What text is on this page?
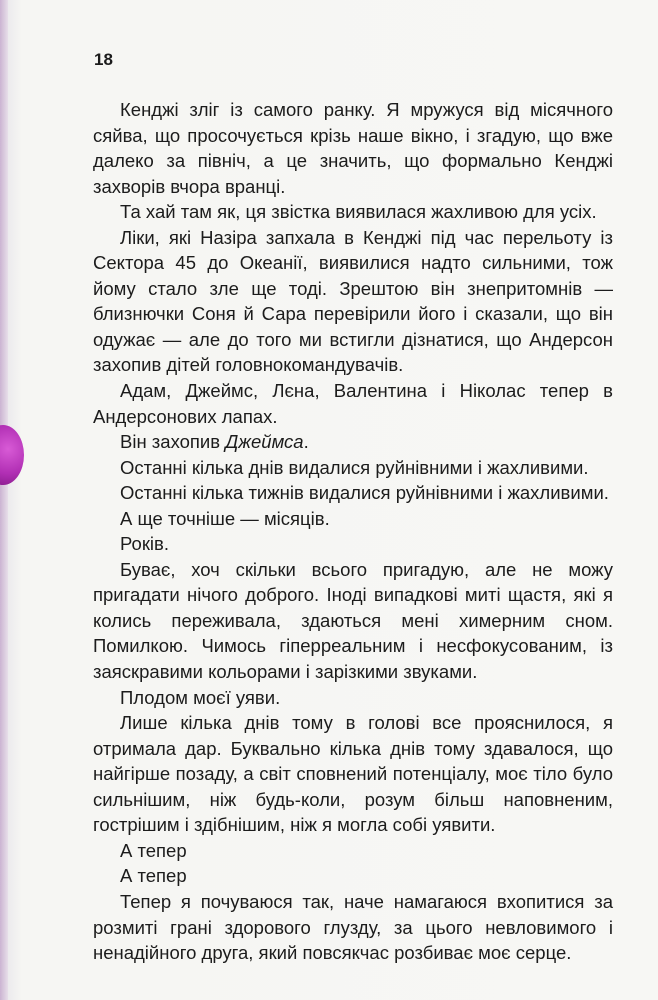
18

Кенджі зліг із самого ранку. Я мружуся від місячного сяйва, що просочується крізь наше вікно, і згадую, що вже далеко за північ, а це значить, що формально Кенджі захворів вчора вранці.

Та хай там як, ця звістка виявилася жахливою для усіх.

Ліки, які Назіра запхала в Кенджі під час перельоту із Сектора 45 до Океанії, виявилися надто сильними, тож йому стало зле ще тоді. Зрештою він знепритомнів — близнючки Соня й Сара перевірили його і сказали, що він одужає — але до того ми встигли дізнатися, що Андерсон захопив дітей головнокомандувачів.

Адам, Джеймс, Лєна, Валентина і Ніколас тепер в Андерсонових лапах.

Він захопив Джеймса.

Останні кілька днів видалися руйнівними і жахливими.

Останні кілька тижнів видалися руйнівними і жахливими.

А ще точніше — місяців.

Років.

Буває, хоч скільки всього пригадую, але не можу пригадати нічого доброго. Іноді випадкові миті щастя, які я колись переживала, здаються мені химерним сном. Помилкою. Чимось гіперреальним і несфокусованим, із заяскравими кольорами і зарізкими звуками.

Плодом моєї уяви.

Лише кілька днів тому в голові все прояснилося, я отримала дар. Буквально кілька днів тому здавалося, що найгірше позаду, а світ сповнений потенціалу, моє тіло було сильнішим, ніж будь-коли, розум більш наповненим, гострішим і здібнішим, ніж я могла собі уявити.

А тепер

А тепер

Тепер я почуваюся так, наче намагаюся вхопитися за розмиті грані здорового глузду, за цього невловимого і ненадійного друга, який повсякчас розбиває моє серце.
